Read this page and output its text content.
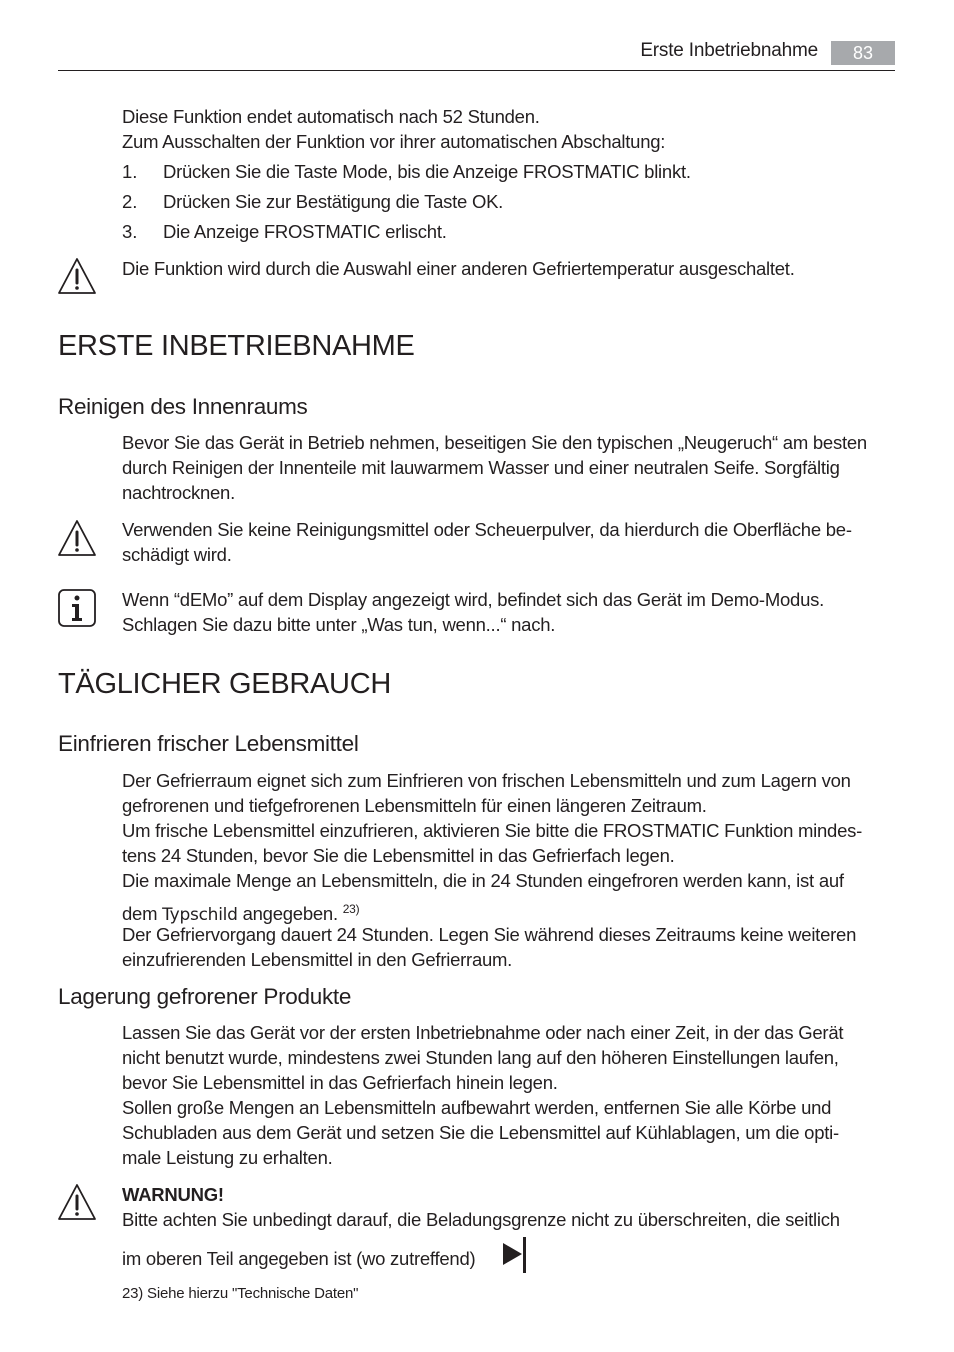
Erste Inbetriebnahme	83
Diese Funktion endet automatisch nach 52 Stunden.
Zum Ausschalten der Funktion vor ihrer automatischen Abschaltung:
1. Drücken Sie die Taste Mode, bis die Anzeige FROSTMATIC blinkt.
2. Drücken Sie zur Bestätigung die Taste OK.
3. Die Anzeige FROSTMATIC erlischt.
Die Funktion wird durch die Auswahl einer anderen Gefriertemperatur ausgeschaltet.
ERSTE INBETRIEBNAHME
Reinigen des Innenraums
Bevor Sie das Gerät in Betrieb nehmen, beseitigen Sie den typischen „Neugeruch“ am besten
durch Reinigen der Innenteile mit lauwarmem Wasser und einer neutralen Seife. Sorgfältig
nachtrocknen.
Verwenden Sie keine Reinigungsmittel oder Scheuerpulver, da hierdurch die Oberfläche be-
schädigt wird.
Wenn “dEMo” auf dem Display angezeigt wird, befindet sich das Gerät im Demo-Modus.
Schlagen Sie dazu bitte unter „Was tun, wenn...“ nach.
TÄGLICHER GEBRAUCH
Einfrieren frischer Lebensmittel
Der Gefrierraum eignet sich zum Einfrieren von frischen Lebensmitteln und zum Lagern von
gefrorenen und tiefgefrorenen Lebensmitteln für einen längeren Zeitraum.
Um frische Lebensmittel einzufrieren, aktivieren Sie bitte die FROSTMATIC Funktion mindes-
tens 24 Stunden, bevor Sie die Lebensmittel in das Gefrierfach legen.
Die maximale Menge an Lebensmitteln, die in 24 Stunden eingefroren werden kann, ist auf
dem Typschild angegeben. $^{23)}$
Der Gefriervorgang dauert 24 Stunden. Legen Sie während dieses Zeitraums keine weiteren
einzufrierenden Lebensmittel in den Gefrierraum.
Lagerung gefrorener Produkte
Lassen Sie das Gerät vor der ersten Inbetriebnahme oder nach einer Zeit, in der das Gerät
nicht benutzt wurde, mindestens zwei Stunden lang auf den höheren Einstellungen laufen,
bevor Sie Lebensmittel in das Gefrierfach hinein legen.
Sollen große Mengen an Lebensmitteln aufbewahrt werden, entfernen Sie alle Körbe und
Schubladen aus dem Gerät und setzen Sie die Lebensmittel auf Kühlablagen, um die opti-
male Leistung zu erhalten.
WARNUNG!
Bitte achten Sie unbedingt darauf, die Beladungsgrenze nicht zu überschreiten, die seitlich
im oberen Teil angegeben ist (wo zutreffend)
23) Siehe hierzu "Technische Daten"
